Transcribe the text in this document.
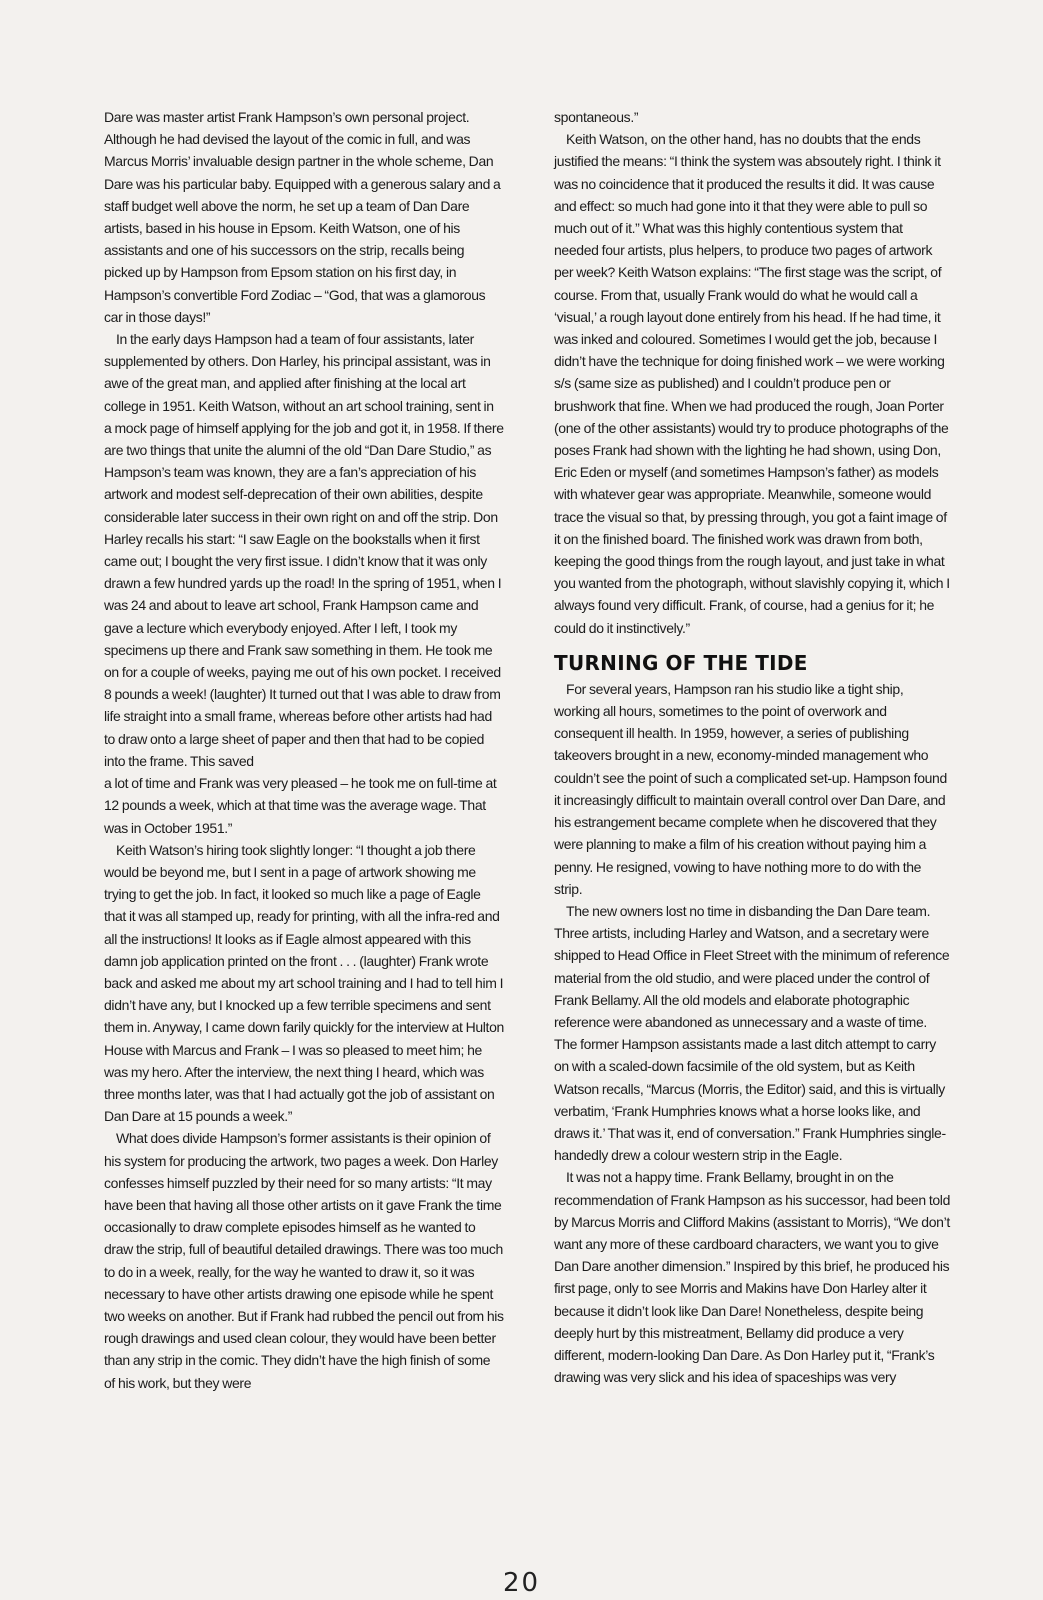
Dare was master artist Frank Hampson’s own personal project. Although he had devised the layout of the comic in full, and was Marcus Morris’ invaluable design partner in the whole scheme, Dan Dare was his particular baby. Equipped with a generous salary and a staff budget well above the norm, he set up a team of Dan Dare artists, based in his house in Epsom. Keith Watson, one of his assistants and one of his successors on the strip, recalls being picked up by Hampson from Epsom station on his first day, in Hampson’s convertible Ford Zodiac – “God, that was a glamorous car in those days!”

In the early days Hampson had a team of four assistants, later supplemented by others. Don Harley, his principal assistant, was in awe of the great man, and applied after finishing at the local art college in 1951. Keith Watson, without an art school training, sent in a mock page of himself applying for the job and got it, in 1958. If there are two things that unite the alumni of the old “Dan Dare Studio,” as Hampson’s team was known, they are a fan’s appreciation of his artwork and modest self-deprecation of their own abilities, despite considerable later success in their own right on and off the strip. Don Harley recalls his start: “I saw Eagle on the bookstalls when it first came out; I bought the very first issue. I didn’t know that it was only drawn a few hundred yards up the road! In the spring of 1951, when I was 24 and about to leave art school, Frank Hampson came and gave a lecture which everybody enjoyed. After I left, I took my specimens up there and Frank saw something in them. He took me on for a couple of weeks, paying me out of his own pocket. I received 8 pounds a week! (laughter) It turned out that I was able to draw from life straight into a small frame, whereas before other artists had had to draw onto a large sheet of paper and then that had to be copied into the frame. This saved

a lot of time and Frank was very pleased – he took me on full-time at 12 pounds a week, which at that time was the average wage. That was in October 1951.”

Keith Watson’s hiring took slightly longer: “I thought a job there would be beyond me, but I sent in a page of artwork showing me trying to get the job. In fact, it looked so much like a page of Eagle that it was all stamped up, ready for printing, with all the infra-red and all the instructions! It looks as if Eagle almost appeared with this damn job application printed on the front . . . (laughter) Frank wrote back and asked me about my art school training and I had to tell him I didn’t have any, but I knocked up a few terrible specimens and sent them in. Anyway, I came down farily quickly for the interview at Hulton House with Marcus and Frank – I was so pleased to meet him; he was my hero. After the interview, the next thing I heard, which was three months later, was that I had actually got the job of assistant on Dan Dare at 15 pounds a week.”

What does divide Hampson’s former assistants is their opinion of his system for producing the artwork, two pages a week. Don Harley confesses himself puzzled by their need for so many artists: “It may have been that having all those other artists on it gave Frank the time occasionally to draw complete episodes himself as he wanted to draw the strip, full of beautiful detailed drawings. There was too much to do in a week, really, for the way he wanted to draw it, so it was necessary to have other artists drawing one episode while he spent two weeks on another. But if Frank had rubbed the pencil out from his rough drawings and used clean colour, they would have been better than any strip in the comic. They didn’t have the high finish of some of his work, but they were

spontaneous.”

Keith Watson, on the other hand, has no doubts that the ends justified the means: “I think the system was absoutely right. I think it was no coincidence that it produced the results it did. It was cause and effect: so much had gone into it that they were able to pull so much out of it.” What was this highly contentious system that needed four artists, plus helpers, to produce two pages of artwork per week? Keith Watson explains: “The first stage was the script, of course. From that, usually Frank would do what he would call a ‘visual,’ a rough layout done entirely from his head. If he had time, it was inked and coloured. Sometimes I would get the job, because I didn’t have the technique for doing finished work – we were working s/s (same size as published) and I couldn’t produce pen or brushwork that fine. When we had produced the rough, Joan Porter (one of the other assistants) would try to produce photographs of the poses Frank had shown with the lighting he had shown, using Don, Eric Eden or myself (and sometimes Hampson’s father) as models with whatever gear was appropriate. Meanwhile, someone would trace the visual so that, by pressing through, you got a faint image of it on the finished board. The finished work was drawn from both, keeping the good things from the rough layout, and just take in what you wanted from the photograph, without slavishly copying it, which I always found very difficult. Frank, of course, had a genius for it; he could do it instinctively.”

TURNING OF THE TIDE

For several years, Hampson ran his studio like a tight ship, working all hours, sometimes to the point of overwork and consequent ill health. In 1959, however, a series of publishing takeovers brought in a new, economy-minded management who couldn’t see the point of such a complicated set-up. Hampson found it increasingly difficult to maintain overall control over Dan Dare, and his estrangement became complete when he discovered that they were planning to make a film of his creation without paying him a penny. He resigned, vowing to have nothing more to do with the strip.

The new owners lost no time in disbanding the Dan Dare team. Three artists, including Harley and Watson, and a secretary were shipped to Head Office in Fleet Street with the minimum of reference material from the old studio, and were placed under the control of Frank Bellamy. All the old models and elaborate photographic reference were abandoned as unnecessary and a waste of time. The former Hampson assistants made a last ditch attempt to carry on with a scaled-down facsimile of the old system, but as Keith Watson recalls, “Marcus (Morris, the Editor) said, and this is virtually verbatim, ‘Frank Humphries knows what a horse looks like, and draws it.’ That was it, end of conversation.” Frank Humphries single-handedly drew a colour western strip in the Eagle.

It was not a happy time. Frank Bellamy, brought in on the recommendation of Frank Hampson as his successor, had been told by Marcus Morris and Clifford Makins (assistant to Morris), “We don’t want any more of these cardboard characters, we want you to give Dan Dare another dimension.” Inspired by this brief, he produced his first page, only to see Morris and Makins have Don Harley alter it because it didn’t look like Dan Dare! Nonetheless, despite being deeply hurt by this mistreatment, Bellamy did produce a very different, modern-looking Dan Dare. As Don Harley put it, “Frank’s drawing was very slick and his idea of spaceships was very

20
